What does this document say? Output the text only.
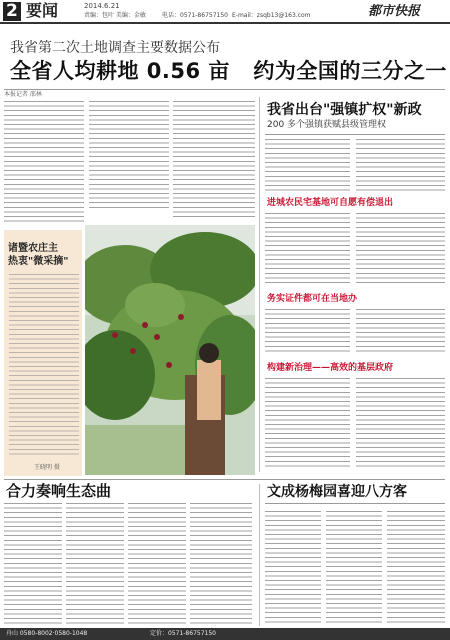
2 要闻	2014.6.21
责编：包叶 美编：金敏	电话：0571-86757150 E-mail：zsqb13@163.com	都市快报
我省第二次土地调查主要数据公布
全省人均耕地 0.56 亩   约为全国的三分之一
本报记者 邵林
诸暨农庄主
热衷"微采摘"
王晓明 摄
我省出台"强镇扩权"新政
200 多个强镇获赋县级管理权
进城农民宅基地可自愿有偿退出
务实证件都可在当地办
构建新治理——高效的基层政府
合力奏响生态曲	文成杨梅园喜迎八方客
舟山 0580-8002·0580-1048	定价：0571-86757150
